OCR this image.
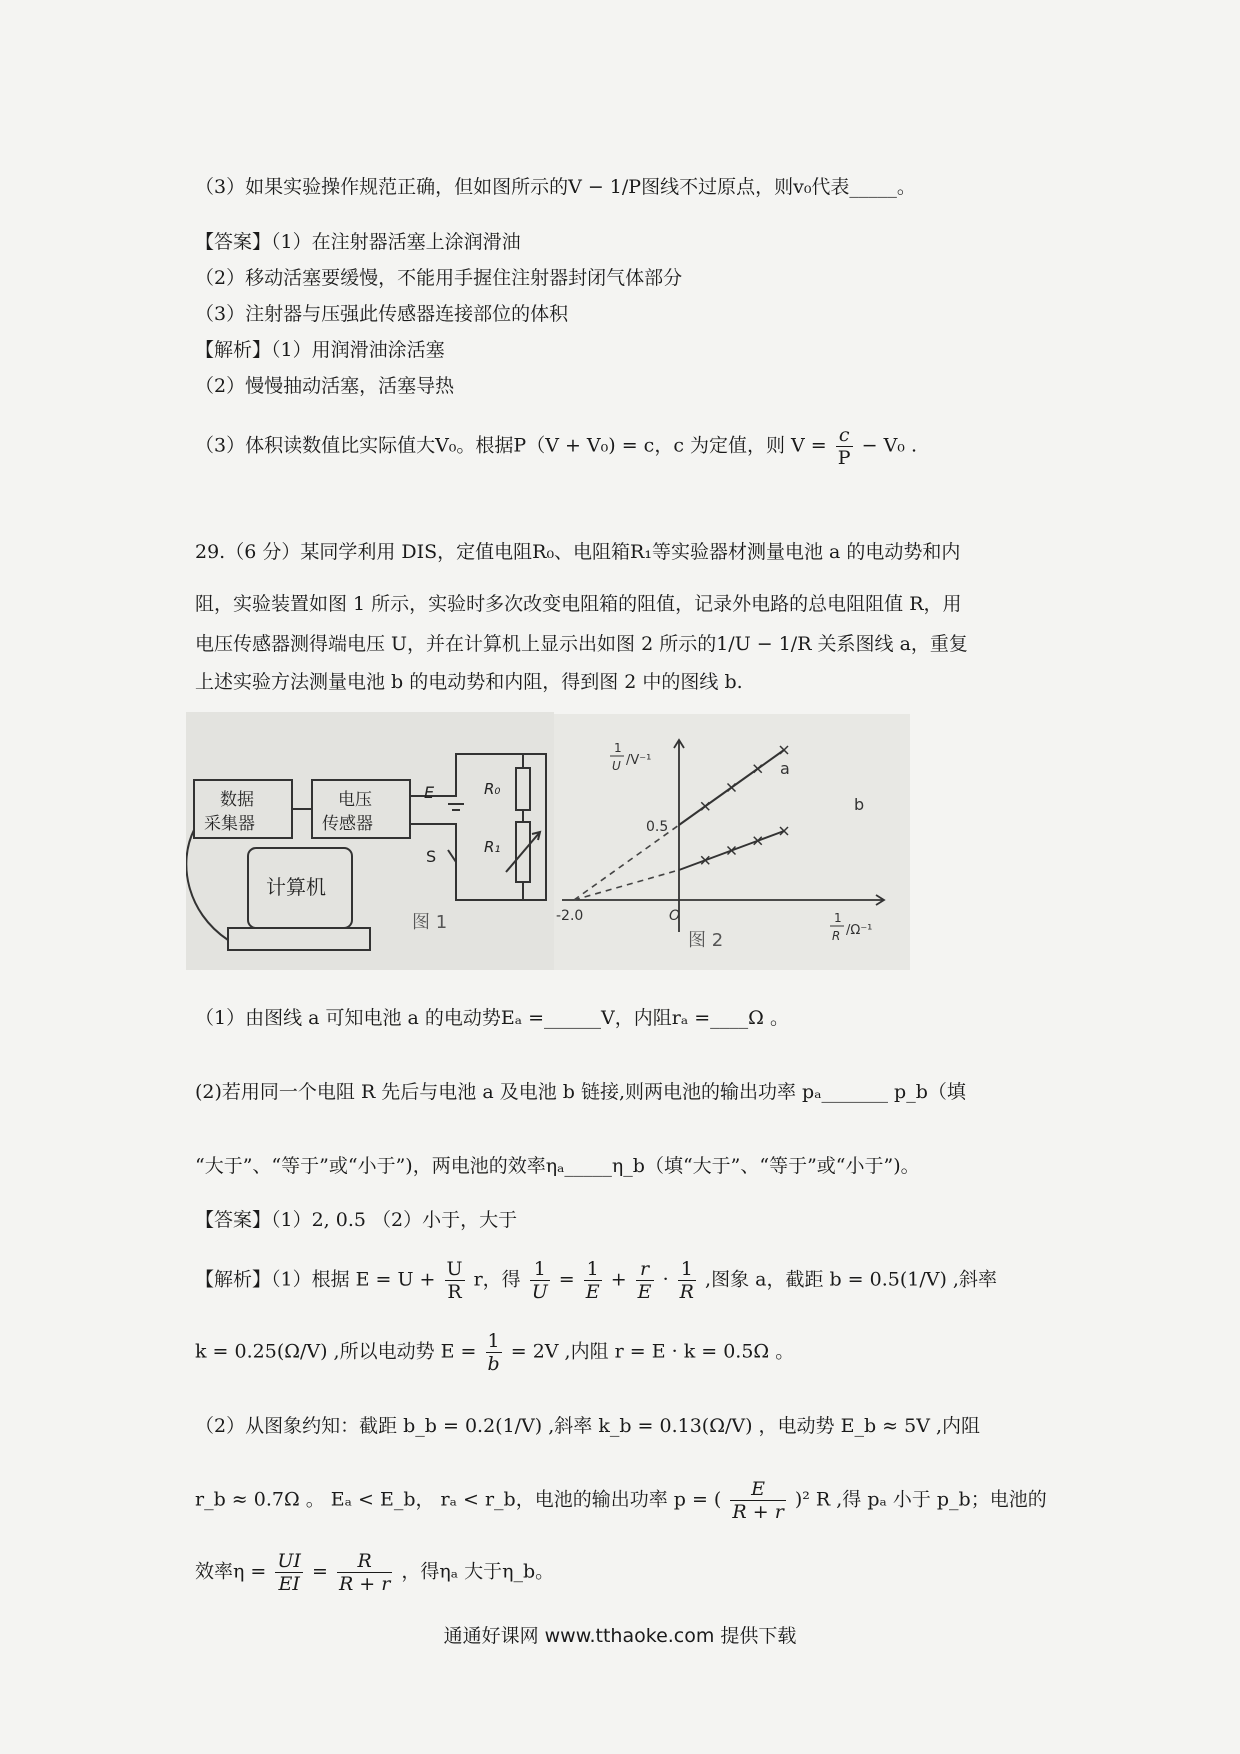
（3）如果实验操作规范正确，但如图所示的V − 1/P图线不过原点，则v₀代表_____。
【答案】（1）在注射器活塞上涂润滑油
（2）移动活塞要缓慢，不能用手握住注射器封闭气体部分
（3）注射器与压强此传感器连接部位的体积
【解析】（1）用润滑油涂活塞
（2）慢慢抽动活塞，活塞导热
（3）体积读数值比实际值大V₀。根据P（V + V₀) = c，c 为定值，则 $V = \frac{c}{P} - V_0$ .
29.（6 分）某同学利用 DIS，定值电阻R₀、电阻箱R₁等实验器材测量电池 a 的电动势和内
阻，实验装置如图 1 所示，实验时多次改变电阻箱的阻值，记录外电路的总电阻阻值 R，用
电压传感器测得端电压 U，并在计算机上显示出如图 2 所示的1/U − 1/R 关系图线 a，重复
上述实验方法测量电池 b 的电动势和内阻，得到图 2 中的图线 b.
数据
采集器
电压
传感器
计算机
E
S
R₀
R₁
图 1
1
U /V⁻¹
1
R /Ω⁻¹
0.5
-2.0	O
a
b
图 2
（1）由图线 a 可知电池 a 的电动势Eₐ =______V，内阻rₐ =____Ω 。
(2)若用同一个电阻 R 先后与电池 a 及电池 b 链接,则两电池的输出功率 pₐ_______ p_b（填
“大于”、“等于”或“小于”)，两电池的效率ηₐ_____η_b（填“大于”、“等于”或“小于”)。
【答案】（1）2, 0.5 （2）小于，大于
【解析】（1）根据 $E = U + \frac{U}{R}$ r，得 $\frac{1}{U} = \frac{1}{E} + \frac{r}{E} \cdot \frac{1}{R}$ ,图象 a，截距 b = 0.5(1/V) ,斜率
k = 0.25(Ω/V) ,所以电动势 $E = \frac{1}{b} = 2V$ ,内阻 r = E · k = 0.5Ω 。
（2）从图象约知：截距 b_b = 0.2(1/V) ,斜率 k_b = 0.13(Ω/V) ，电动势 E_b ≈ 5V ,内阻
r_b ≈ 0.7Ω 。 Eₐ < E_b， rₐ < r_b，电池的输出功率 p = ( $\frac{E}{R + r} )^2$ R ,得 pₐ 小于 p_b；电池的
效率$\eta = \frac{UI}{EI} = \frac{R}{R + r}$ ，得ηₐ 大于η_b。
通通好课网 www.tthaoke.com 提供下载
